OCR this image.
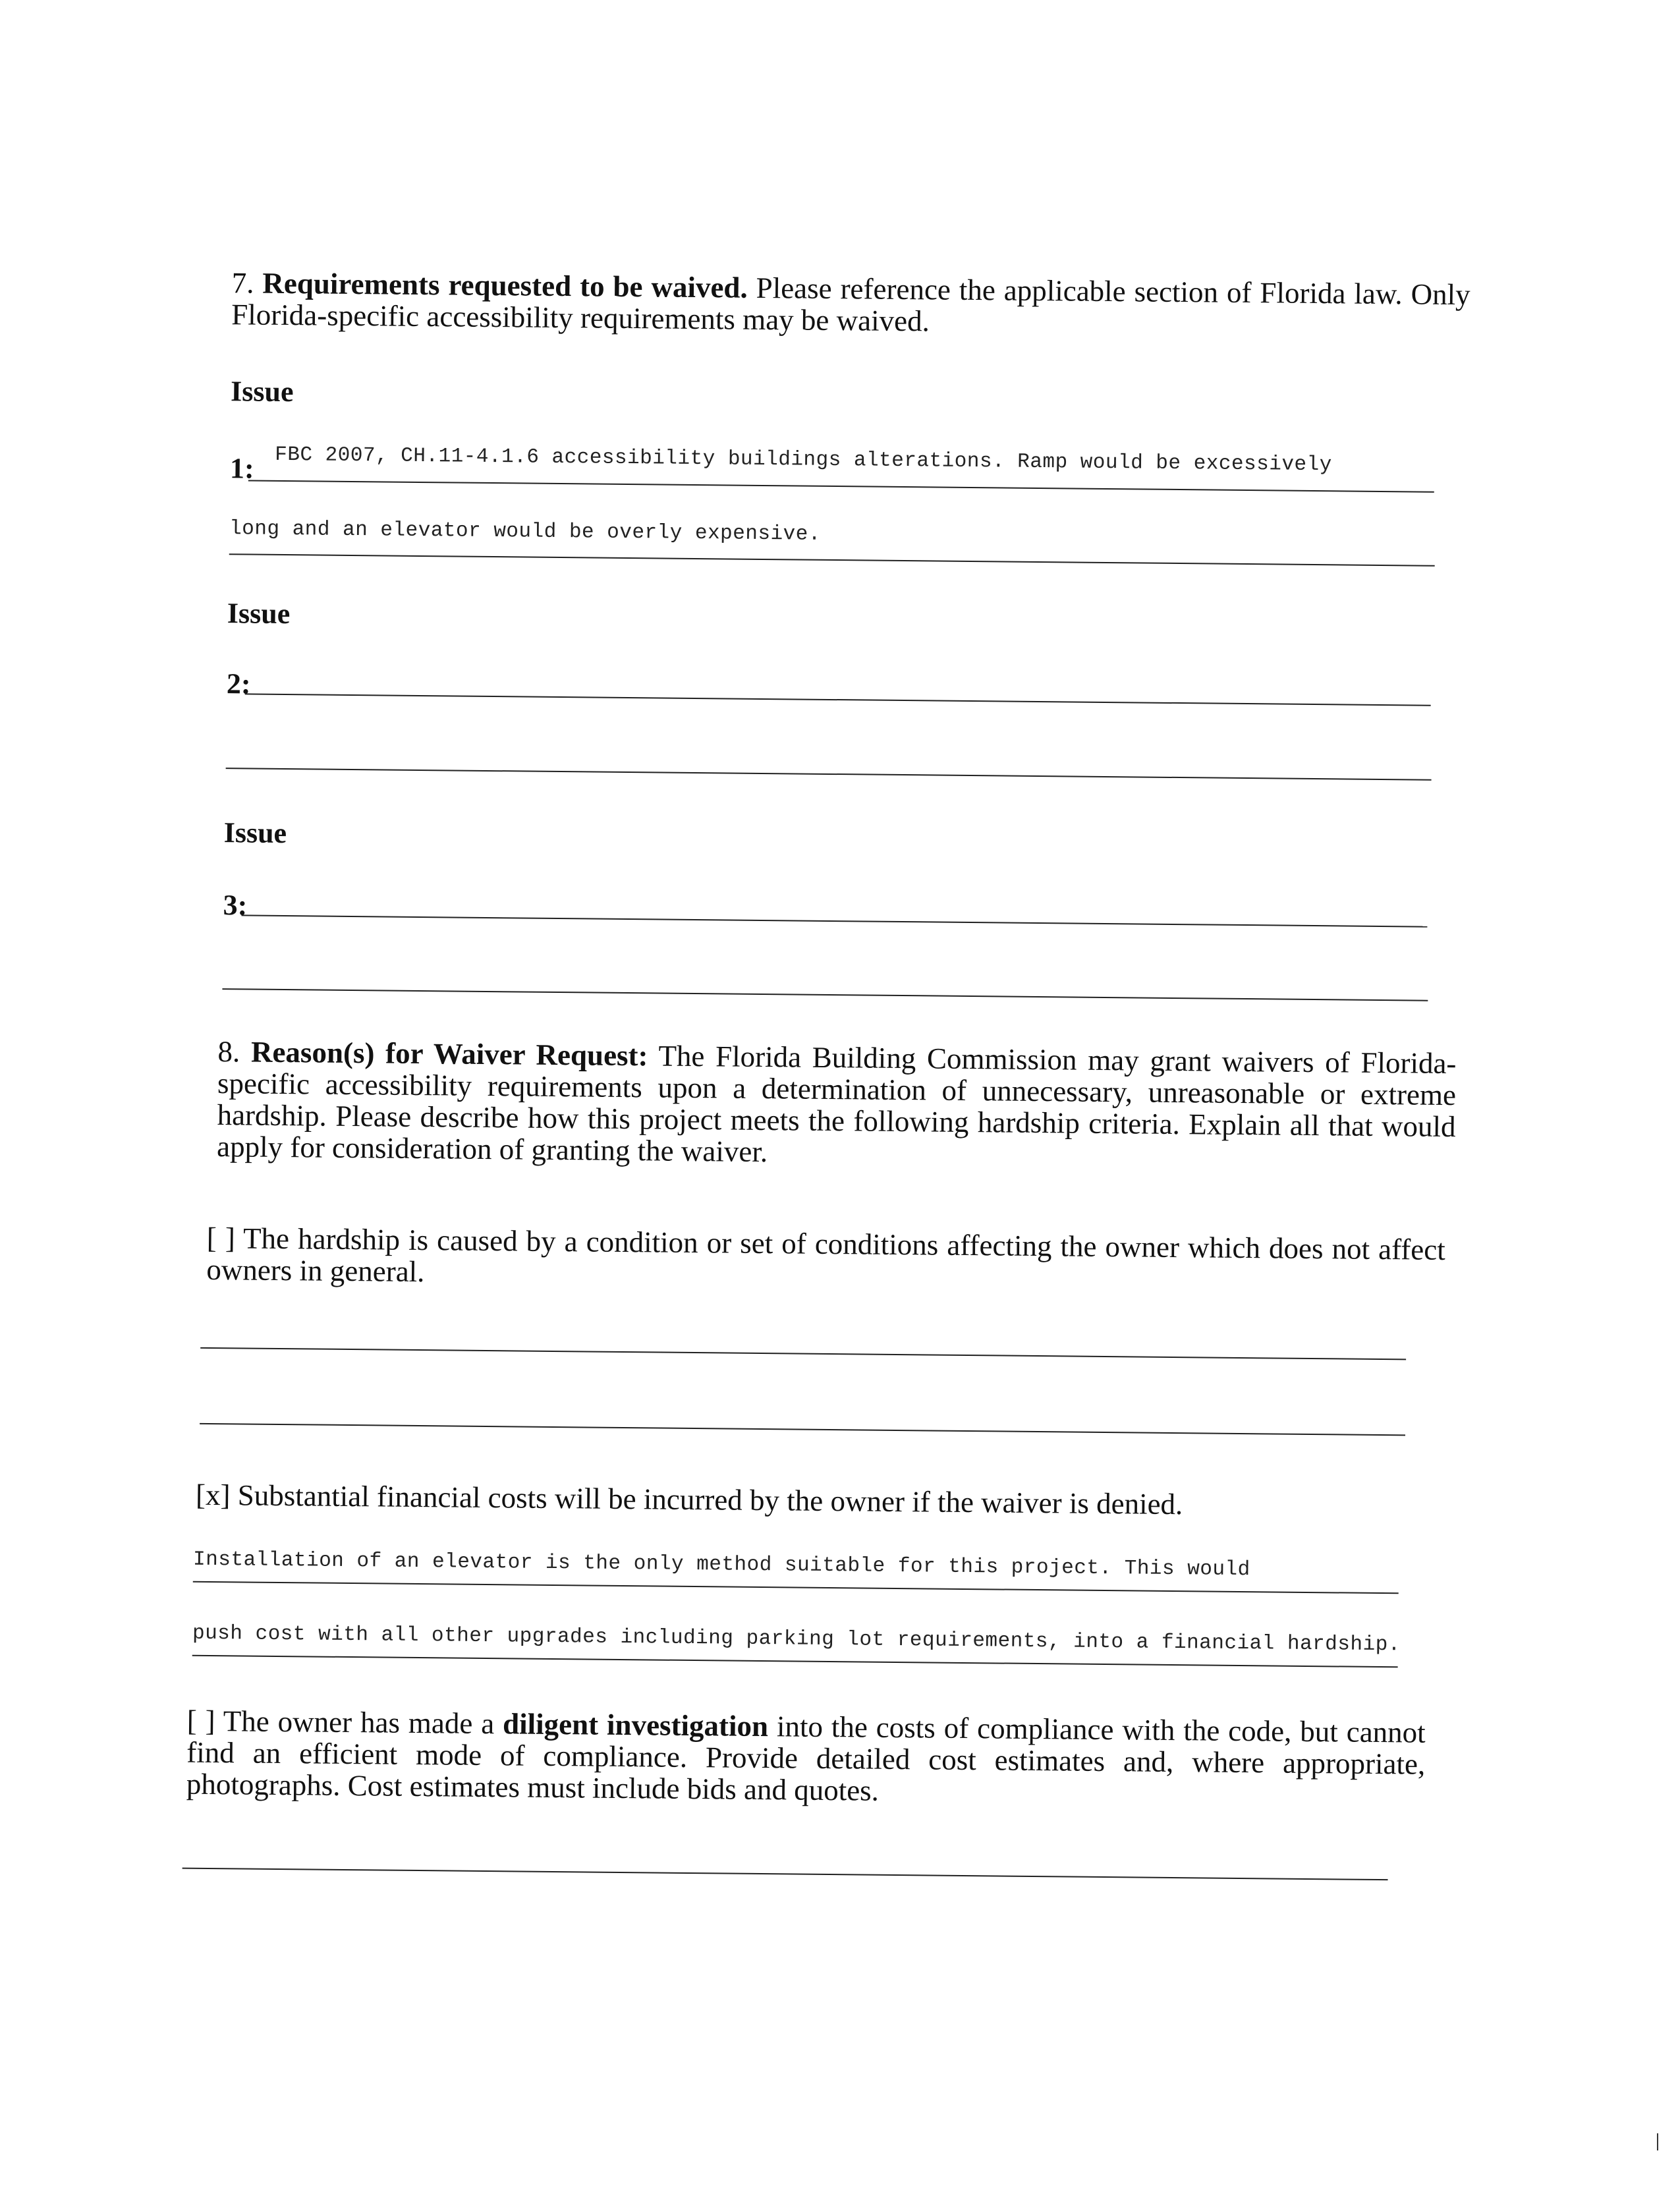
7. Requirements requested to be waived. Please reference the applicable section of Florida law. Only Florida-specific accessibility requirements may be waived.
Issue
1: FBC 2007, CH.11-4.1.6 accessibility buildings alterations. Ramp would be excessively
long and an elevator would be overly expensive.
Issue
2:
Issue
3:
8. Reason(s) for Waiver Request: The Florida Building Commission may grant waivers of Florida-specific accessibility requirements upon a determination of unnecessary, unreasonable or extreme hardship. Please describe how this project meets the following hardship criteria. Explain all that would apply for consideration of granting the waiver.
[ ] The hardship is caused by a condition or set of conditions affecting the owner which does not affect owners in general.
[x] Substantial financial costs will be incurred by the owner if the waiver is denied.
Installation of an elevator is the only method suitable for this project. This would
push cost with all other upgrades including parking lot requirements, into a financial hardship.
[ ] The owner has made a diligent investigation into the costs of compliance with the code, but cannot find an efficient mode of compliance. Provide detailed cost estimates and, where appropriate, photographs. Cost estimates must include bids and quotes.
